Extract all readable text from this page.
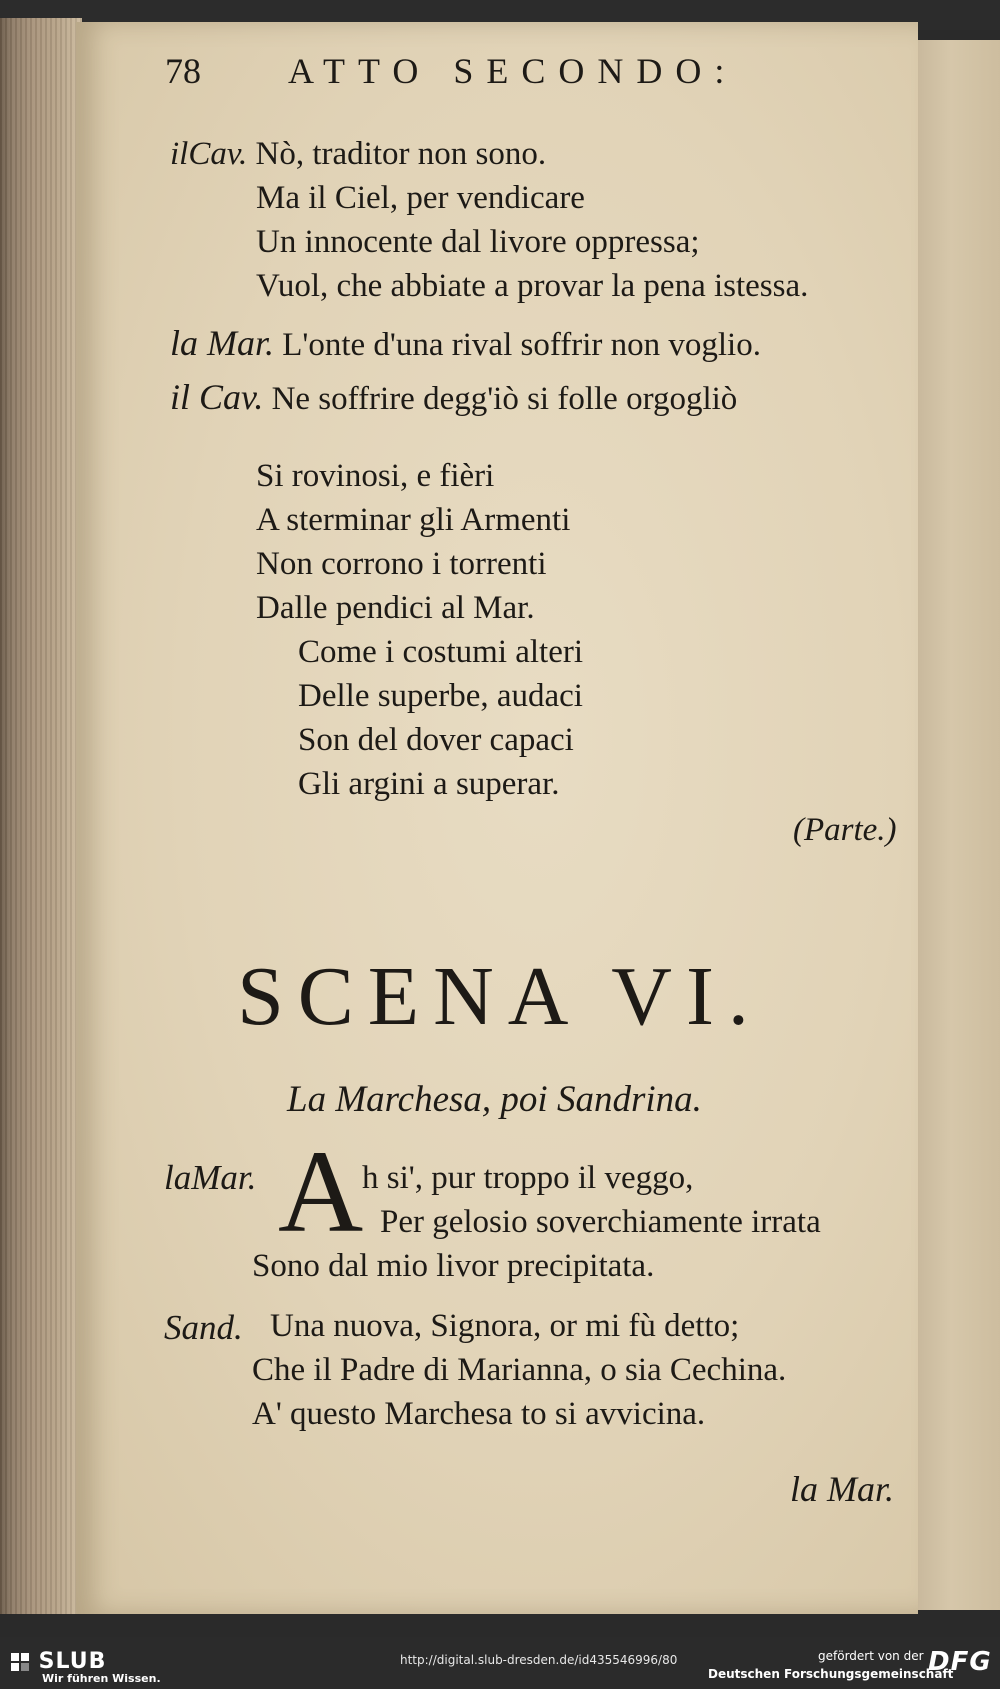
78 ATTO SECONDO:
ilCav. Nò, traditor non sono.
Ma il Ciel, per vendicare
Un innocente dal livore oppressa;
Vuol, che abbiate a provar la pena istessa.
la Mar. L'onte d'una rival soffrir non voglio.
il Cav. Ne soffrire degg'iò si folle orgogliò
Si rovinosi, e fièri
A sterminar gli Armenti
Non corrono i torrenti
Dalle pendici al Mar.
Come i costumi alteri
Delle superbe, audaci
Son del dover capaci
Gli argini a superar.
(Parte.)
SCENA VI.
La Marchesa, poi Sandrina.
laMar. A
h si', pur troppo il veggo,
Per gelosio soverchiamente irrata
Sono dal mio livor precipitata.
Sand. Una nuova, Signora, or mi fù detto;
Che il Padre di Marianna, o sia Cechina.
A' questo Marchesa to si avvicina.
la Mar.
SLUB
Wir führen Wissen.
http://digital.slub-dresden.de/id435546996/80	gefördert von der
Deutschen Forschungsgemeinschaft
DFG
